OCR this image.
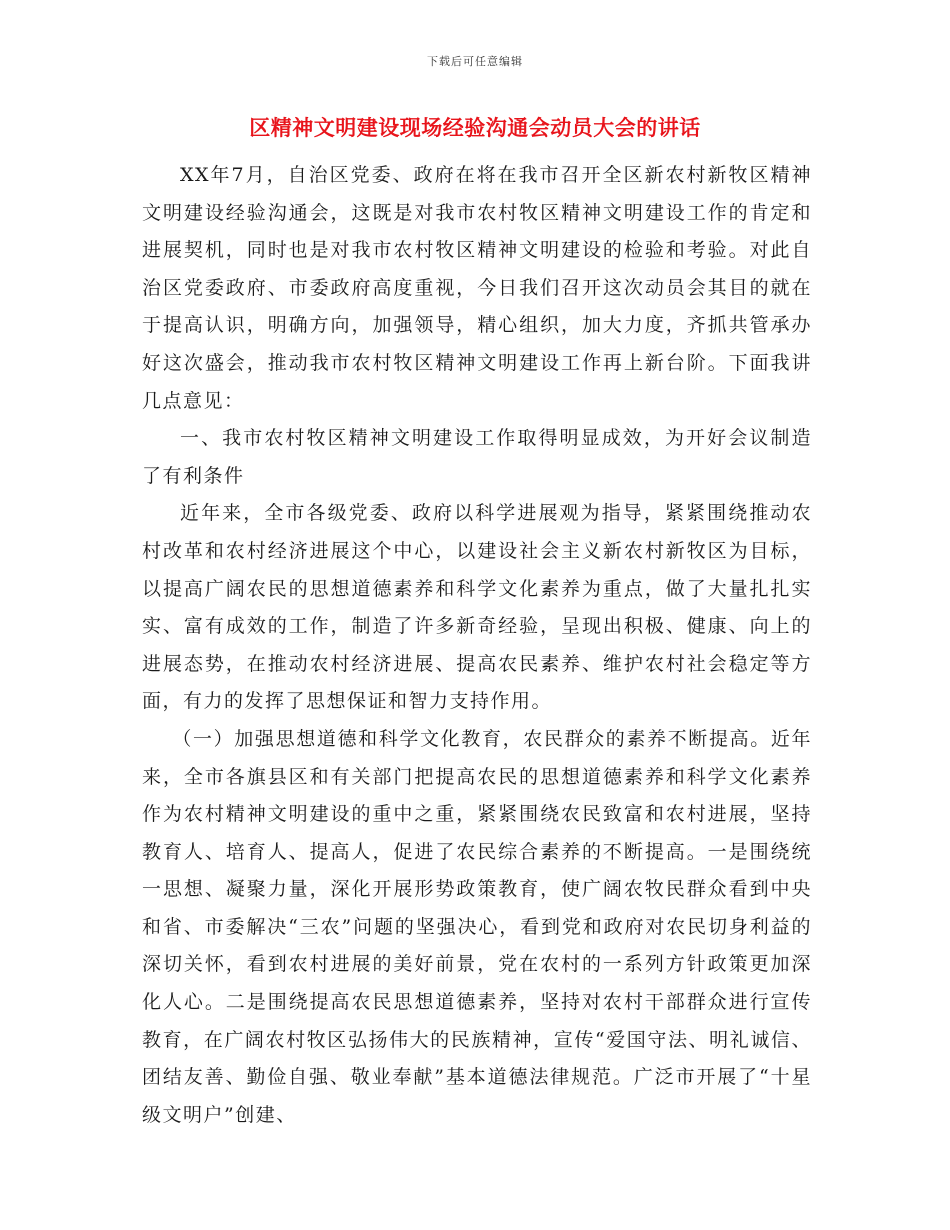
下载后可任意编辑
区精神文明建设现场经验沟通会动员大会的讲话

XX年7月，自治区党委、政府在将在我市召开全区新农村新牧区精神文明建设经验沟通会，这既是对我市农村牧区精神文明建设工作的肯定和进展契机，同时也是对我市农村牧区精神文明建设的检验和考验。对此自治区党委政府、市委政府高度重视，今日我们召开这次动员会其目的就在于提高认识，明确方向，加强领导，精心组织，加大力度，齐抓共管承办好这次盛会，推动我市农村牧区精神文明建设工作再上新台阶。下面我讲几点意见：

一、我市农村牧区精神文明建设工作取得明显成效，为开好会议制造了有利条件

近年来，全市各级党委、政府以科学进展观为指导，紧紧围绕推动农村改革和农村经济进展这个中心，以建设社会主义新农村新牧区为目标，以提高广阔农民的思想道德素养和科学文化素养为重点，做了大量扎扎实实、富有成效的工作，制造了许多新奇经验，呈现出积极、健康、向上的进展态势，在推动农村经济进展、提高农民素养、维护农村社会稳定等方面，有力的发挥了思想保证和智力支持作用。

（一）加强思想道德和科学文化教育，农民群众的素养不断提高。近年来，全市各旗县区和有关部门把提高农民的思想道德素养和科学文化素养作为农村精神文明建设的重中之重，紧紧围绕农民致富和农村进展，坚持教育人、培育人、提高人，促进了农民综合素养的不断提高。一是围绕统一思想、凝聚力量，深化开展形势政策教育，使广阔农牧民群众看到中央和省、市委解决“三农”问题的坚强决心，看到党和政府对农民切身利益的深切关怀，看到农村进展的美好前景，党在农村的一系列方针政策更加深化人心。二是围绕提高农民思想道德素养，坚持对农村干部群众进行宣传教育，在广阔农村牧区弘扬伟大的民族精神，宣传“爱国守法、明礼诚信、团结友善、勤俭自强、敬业奉献”基本道德法律规范。广泛市开展了“十星级文明户”创建、
